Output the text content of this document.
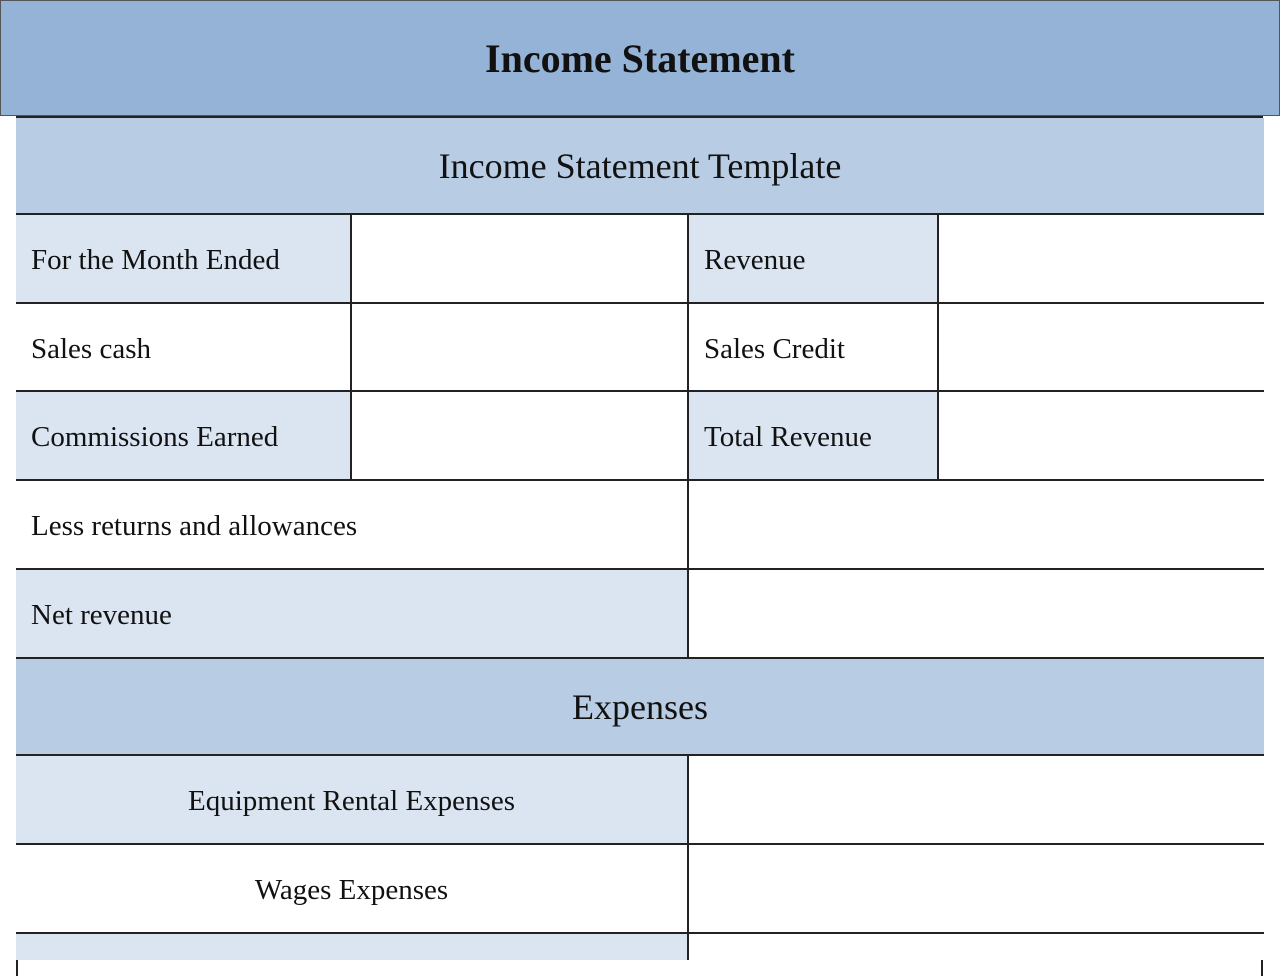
Income Statement
Income Statement Template
For the Month Ended	Revenue
Sales cash	Sales Credit
Commissions Earned	Total Revenue
Less returns and allowances
Net revenue
Expenses
Equipment Rental Expenses
Wages Expenses
